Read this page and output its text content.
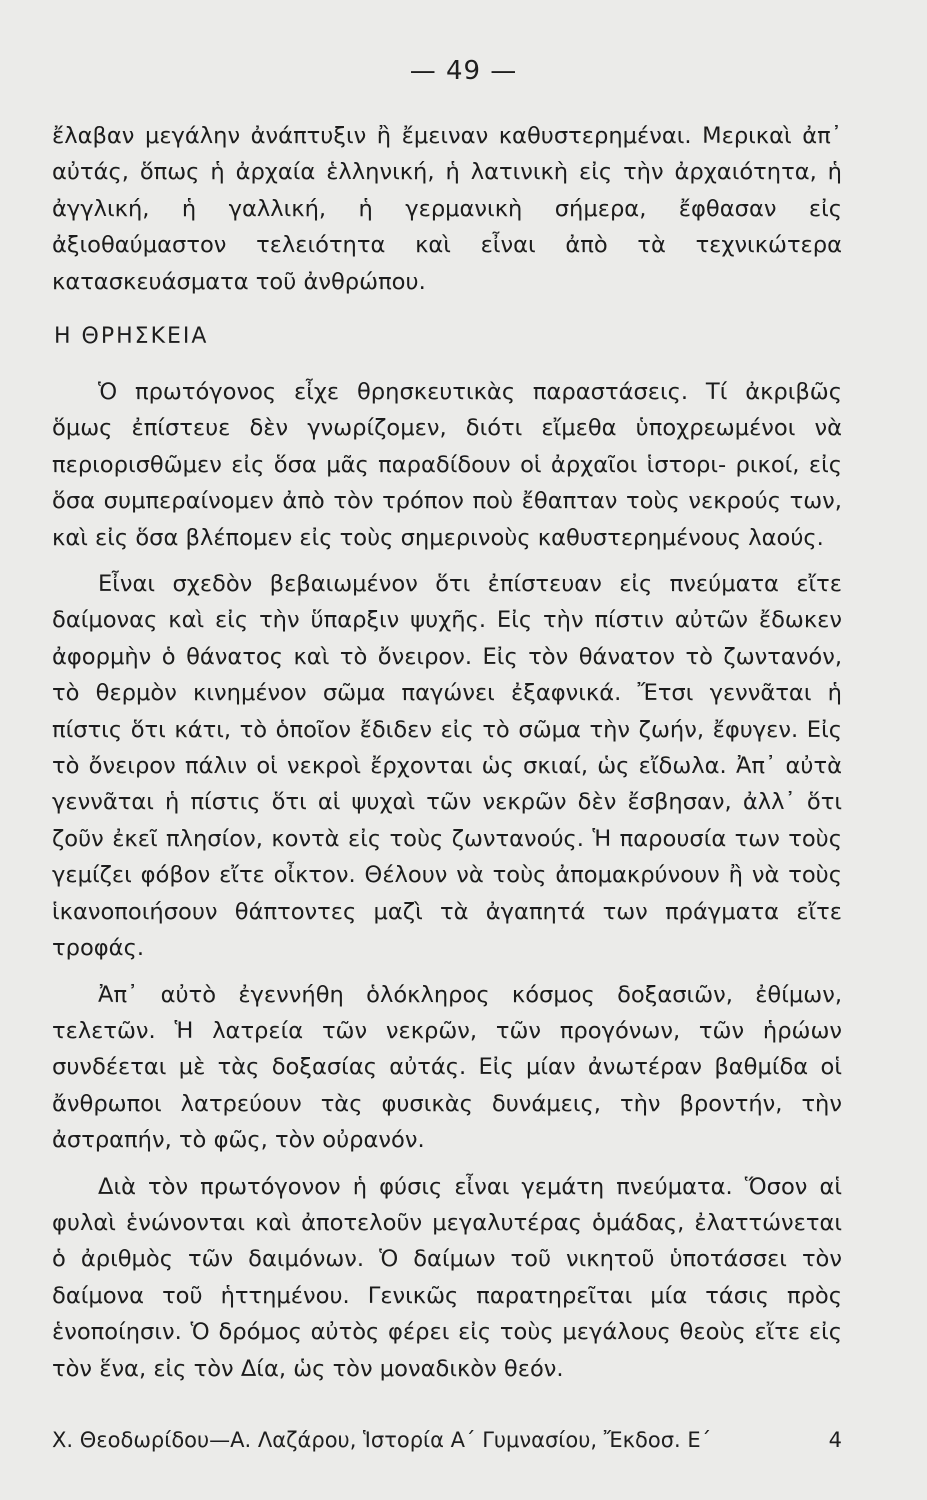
— 49 —

ἔλαβαν μεγάλην ἀνάπτυξιν ἢ ἔμειναν καθυστερημέναι. Μερικαὶ ἀπ᾽ αὐτάς, ὅπως ἡ ἀρχαία ἑλληνική, ἡ λατινικὴ εἰς τὴν ἀρχαιότητα, ἡ ἀγγλική, ἡ γαλλική, ἡ γερμανικὴ σήμερα, ἔφθασαν εἰς ἀξιοθαύμαστον τελειότητα καὶ εἶναι ἀπὸ τὰ τεχνικώτερα κατασκευάσματα τοῦ ἀνθρώπου.

Η ΘΡΗΣΚΕΙΑ

Ὁ πρωτόγονος εἶχε θρησκευτικὰς παραστάσεις. Τί ἀκριβῶς ὅμως ἐπίστευε δὲν γνωρίζομεν, διότι εἴμεθα ὑποχρεωμένοι νὰ περιορισθῶμεν εἰς ὅσα μᾶς παραδίδουν οἱ ἀρχαῖοι ἱστορι- ρικοί, εἰς ὅσα συμπεραίνομεν ἀπὸ τὸν τρόπον ποὺ ἔθαπταν τοὺς νεκρούς των, καὶ εἰς ὅσα βλέπομεν εἰς τοὺς σημερινοὺς καθυστερημένους λαούς.

Εἶναι σχεδὸν βεβαιωμένον ὅτι ἐπίστευαν εἰς πνεύματα εἴτε δαίμονας καὶ εἰς τὴν ὕπαρξιν ψυχῆς. Εἰς τὴν πίστιν αὐτῶν ἔδωκεν ἀφορμὴν ὁ θάνατος καὶ τὸ ὄνειρον. Εἰς τὸν θάνατον τὸ ζωντανόν, τὸ θερμὸν κινημένον σῶμα παγώνει ἐξαφνικά. Ἔτσι γεννᾶται ἡ πίστις ὅτι κάτι, τὸ ὁποῖον ἔδιδεν εἰς τὸ σῶμα τὴν ζωήν, ἔφυγεν. Εἰς τὸ ὄνειρον πάλιν οἱ νεκροὶ ἔρχονται ὡς σκιαί, ὡς εἴδωλα. Ἀπ᾽ αὐτὰ γεννᾶται ἡ πίστις ὅτι αἱ ψυχαὶ τῶν νεκρῶν δὲν ἔσβησαν, ἀλλ᾽ ὅτι ζοῦν ἐκεῖ πλησίον, κοντὰ εἰς τοὺς ζωντανούς. Ἡ παρουσία των τοὺς γεμίζει φόβον εἴτε οἶκτον. Θέλουν νὰ τοὺς ἀπομακρύνουν ἢ νὰ τοὺς ἱκανοποιήσουν θάπτοντες μαζὶ τὰ ἀγαπητά των πράγματα εἴτε τροφάς.

Ἀπ᾽ αὐτὸ ἐγεννήθη ὁλόκληρος κόσμος δοξασιῶν, ἐθίμων, τελετῶν. Ἡ λατρεία τῶν νεκρῶν, τῶν προγόνων, τῶν ἡρώων συνδέεται μὲ τὰς δοξασίας αὐτάς. Εἰς μίαν ἀνωτέραν βαθμίδα οἱ ἄνθρωποι λατρεύουν τὰς φυσικὰς δυνάμεις, τὴν βροντήν, τὴν ἀστραπήν, τὸ φῶς, τὸν οὐρανόν.

Διὰ τὸν πρωτόγονον ἡ φύσις εἶναι γεμάτη πνεύματα. Ὅσον αἱ φυλαὶ ἑνώνονται καὶ ἀποτελοῦν μεγαλυτέρας ὁμάδας, ἐλαττώνεται ὁ ἀριθμὸς τῶν δαιμόνων. Ὁ δαίμων τοῦ νικητοῦ ὑποτάσσει τὸν δαίμονα τοῦ ἡττημένου. Γενικῶς παρατηρεῖται μία τάσις πρὸς ἑνοποίησιν. Ὁ δρόμος αὐτὸς φέρει εἰς τοὺς μεγάλους θεοὺς εἴτε εἰς τὸν ἕνα, εἰς τὸν Δία, ὡς τὸν μοναδικὸν θεόν.

Χ. Θεοδωρίδου—Α. Λαζάρου, Ἱστορία Α΄ Γυμνασίου, Ἔκδοσ. Ε΄	4
